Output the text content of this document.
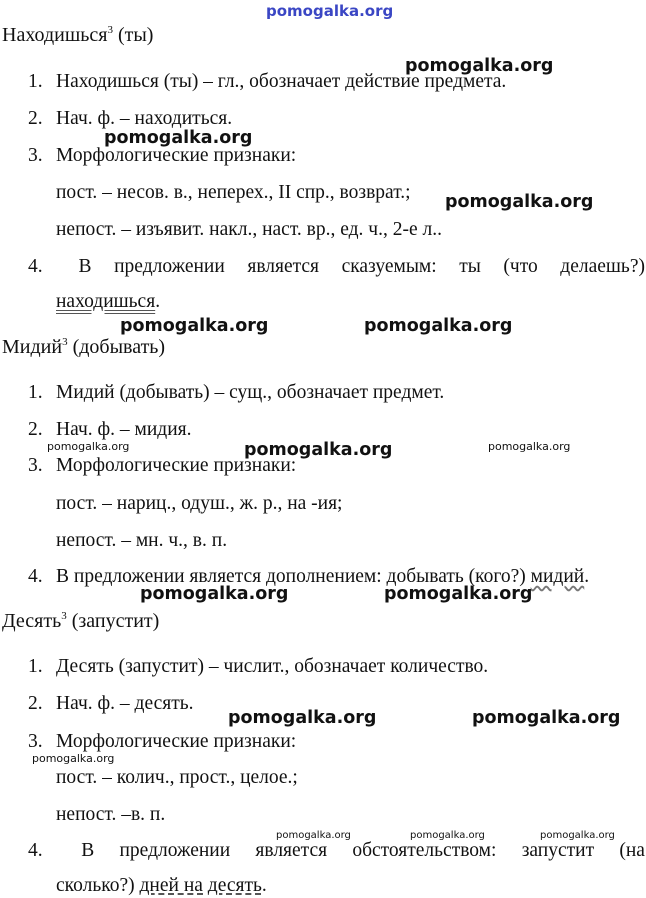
Находишься$^3$ (ты)
1. Находишься (ты) – гл., обозначает действие предмета.
2. Нач. ф. – находиться.
3. Морфологические признаки:
пост. – несов. в., неперех., II спр., возврат.;
непост. – изъявит. накл., наст. вр., ед. ч., 2-е л..
4.	В предложении является сказуемым: ты (что делаешь?)
находишься.
Мидий$^3$ (добывать)
1. Мидий (добывать) – сущ., обозначает предмет.
2. Нач. ф. – мидия.
3. Морфологические признаки:
пост. – нариц., одуш., ж. р., на -ия;
непост. – мн. ч., в. п.
4. В предложении является дополнением: добывать (кого?) мидий.
Десять$^3$ (запустит)
1. Десять (запустит) – числит., обозначает количество.
2. Нач. ф. – десять.
3. Морфологические признаки:
пост. – колич., прост., целое.;
непост. –в. п.
4.	В предложении является обстоятельством: запустит (на
сколько?) дней на десять.
pomogalka.org
pomogalka.org
pomogalka.org
pomogalka.org
pomogalka.org	pomogalka.org
pomogalka.org	pomogalka.org	pomogalka.org
pomogalka.org	pomogalka.org
pomogalka.org	pomogalka.org
pomogalka.org
pomogalka.org	pomogalka.org	pomogalka.org
